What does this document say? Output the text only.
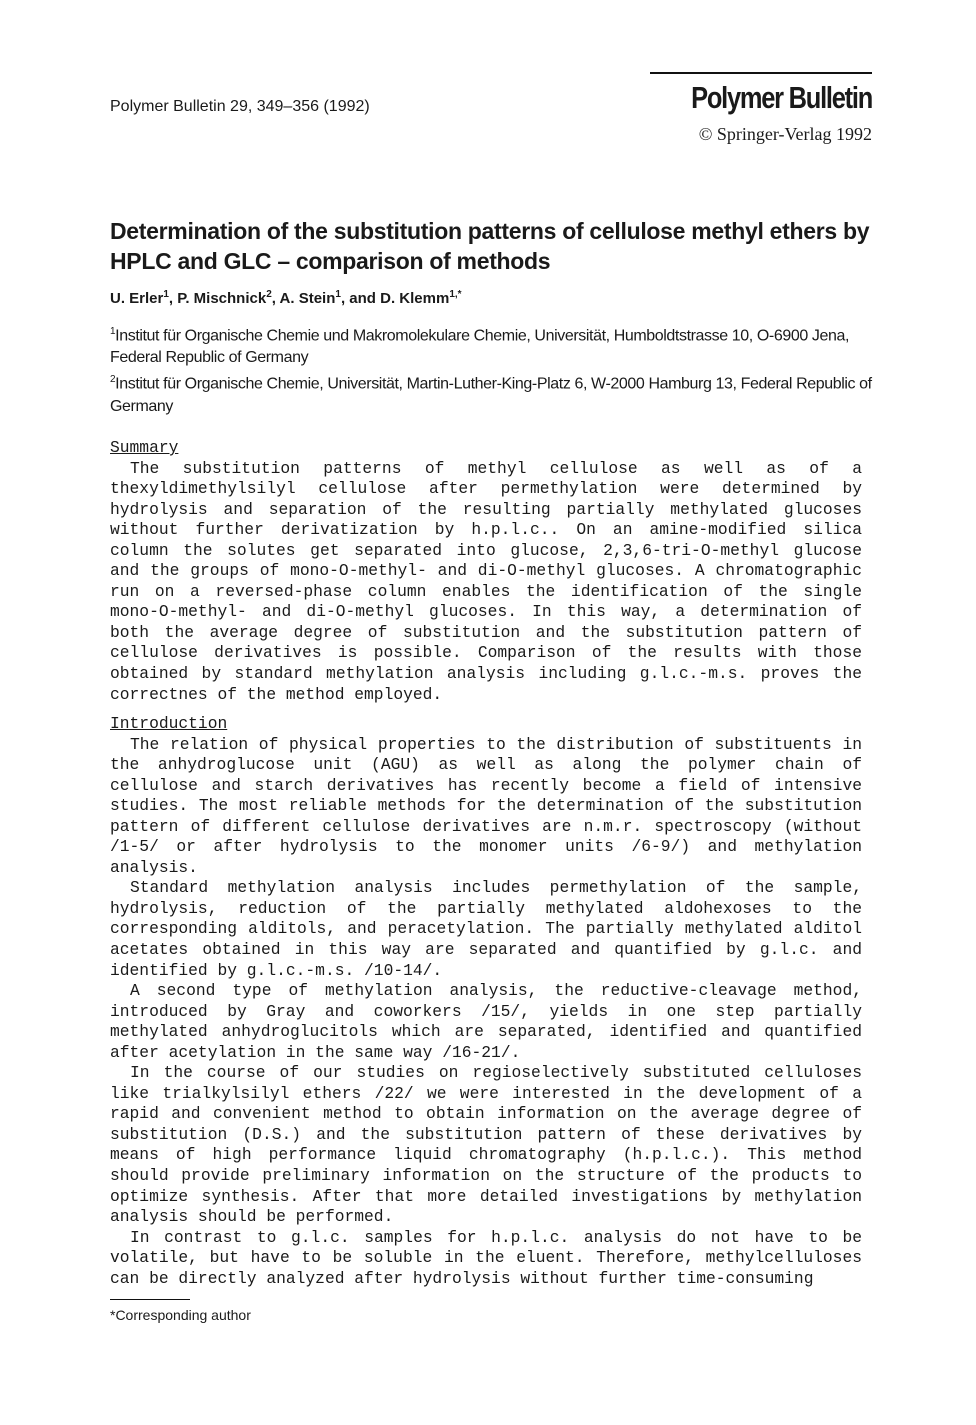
Polymer Bulletin 29, 349–356 (1992)	Polymer Bulletin
© Springer-Verlag 1992
Determination of the substitution patterns of cellulose methyl ethers by HPLC and GLC – comparison of methods
U. Erler$^1$, P. Mischnick$^2$, A. Stein$^1$, and D. Klemm$^{1,*}$
$^1$Institut für Organische Chemie und Makromolekulare Chemie, Universität, Humboldtstrasse 10, O-6900 Jena, Federal Republic of Germany
$^2$Institut für Organische Chemie, Universität, Martin-Luther-King-Platz 6, W-2000 Hamburg 13, Federal Republic of Germany
Summary

The substitution patterns of methyl cellulose as well as of a thexyldimethylsilyl cellulose after permethylation were determined by hydrolysis and separation of the resulting partially methylated glucoses without further derivatization by h.p.l.c.. On an amine-modified silica column the solutes get separated into glucose, 2,3,6-tri-O-methyl glucose and the groups of mono-O-methyl- and di-O-methyl glucoses. A chromatographic run on a reversed-phase column enables the identification of the single mono-O-methyl- and di-O-methyl glucoses. In this way, a determination of both the average degree of substitution and the substitution pattern of cellulose derivatives is possible. Comparison of the results with those obtained by standard methylation analysis including g.l.c.-m.s. proves the correctnes of the method employed.

Introduction

The relation of physical properties to the distribution of substituents in the anhydroglucose unit (AGU) as well as along the polymer chain of cellulose and starch derivatives has recently become a field of intensive studies. The most reliable methods for the determination of the substitution pattern of different cellulose derivatives are n.m.r. spectroscopy (without /1-5/ or after hydrolysis to the monomer units /6-9/) and methylation analysis.

Standard methylation analysis includes permethylation of the sample, hydrolysis, reduction of the partially methylated aldohexoses to the corresponding alditols, and peracetylation. The partially methylated alditol acetates obtained in this way are separated and quantified by g.l.c. and identified by g.l.c.-m.s. /10-14/.

A second type of methylation analysis, the reductive-cleavage method, introduced by Gray and coworkers /15/, yields in one step partially methylated anhydroglucitols which are separated, identified and quantified after acetylation in the same way /16-21/.

In the course of our studies on regioselectively substituted celluloses like trialkylsilyl ethers /22/ we were interested in the development of a rapid and convenient method to obtain information on the average degree of substitution (D.S.) and the substitution pattern of these derivatives by means of high performance liquid chromatography (h.p.l.c.). This method should provide preliminary information on the structure of the products to optimize synthesis. After that more detailed investigations by methylation analysis should be performed.

In contrast to g.l.c. samples for h.p.l.c. analysis do not have to be volatile, but have to be soluble in the eluent. Therefore, methylcelluloses can be directly analyzed after hydrolysis without further time-consuming

*Corresponding author
